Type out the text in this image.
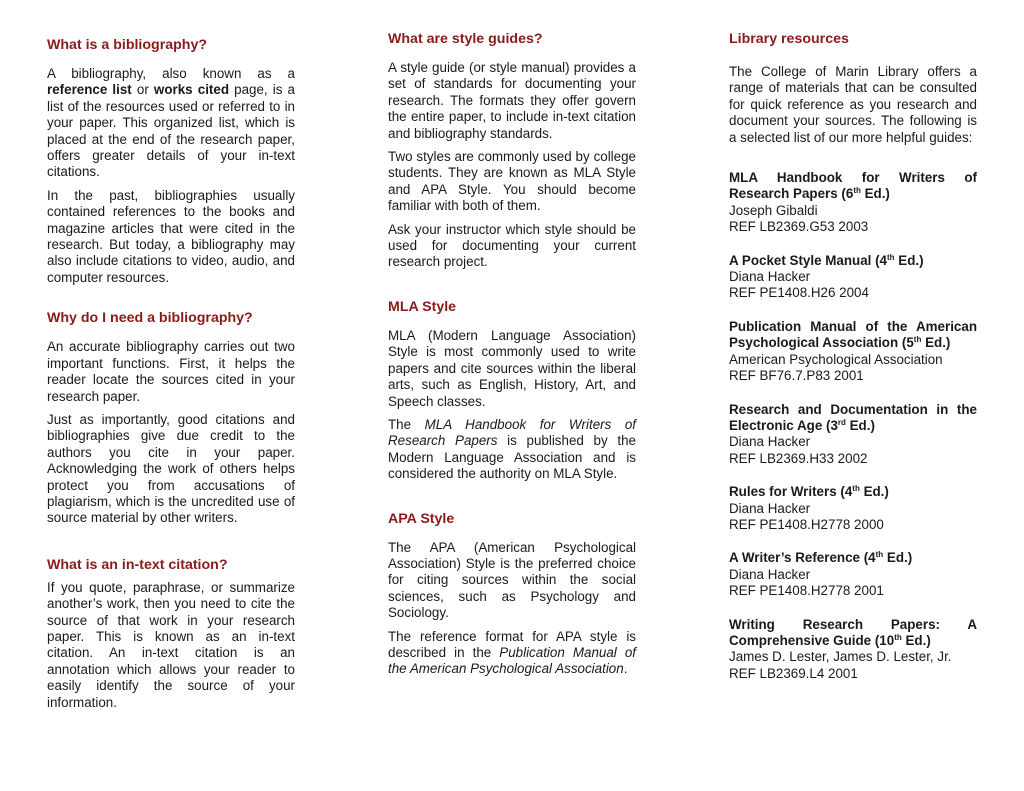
What is a bibliography?

A bibliography, also known as a reference list or works cited page, is a list of the resources used or referred to in your paper. This organized list, which is placed at the end of the research paper, offers greater details of your in-text citations.

In the past, bibliographies usually contained references to the books and magazine articles that were cited in the research. But today, a bibliography may also include citations to video, audio, and computer resources.

Why do I need a bibliography?

An accurate bibliography carries out two important functions. First, it helps the reader locate the sources cited in your research paper.

Just as importantly, good citations and bibliographies give due credit to the authors you cite in your paper. Acknowledging the work of others helps protect you from accusations of plagiarism, which is the uncredited use of source material by other writers.

What is an in-text citation?

If you quote, paraphrase, or summarize another’s work, then you need to cite the source of that work in your research paper. This is known as an in-text citation. An in-text citation is an annotation which allows your reader to easily identify the source of your information.

What are style guides?

A style guide (or style manual) provides a set of standards for documenting your research. The formats they offer govern the entire paper, to include in-text citation and bibliography standards.

Two styles are commonly used by college students. They are known as MLA Style and APA Style. You should become familiar with both of them.

Ask your instructor which style should be used for documenting your current research project.

MLA Style

MLA (Modern Language Association) Style is most commonly used to write papers and cite sources within the liberal arts, such as English, History, Art, and Speech classes.

The MLA Handbook for Writers of Research Papers is published by the Modern Language Association and is considered the authority on MLA Style.

APA Style

The APA (American Psychological Association) Style is the preferred choice for citing sources within the social sciences, such as Psychology and Sociology.

The reference format for APA style is described in the Publication Manual of the American Psychological Association.

Library resources

The College of Marin Library offers a range of materials that can be consulted for quick reference as you research and document your sources. The following is a selected list of our more helpful guides:

MLA Handbook for Writers of Research Papers (6th Ed.)
Joseph Gibaldi
REF LB2369.G53 2003
A Pocket Style Manual (4th Ed.)
Diana Hacker
REF PE1408.H26 2004
Publication Manual of the American Psychological Association (5th Ed.)
American Psychological Association
REF BF76.7.P83 2001
Research and Documentation in the Electronic Age (3rd Ed.)
Diana Hacker
REF LB2369.H33 2002
Rules for Writers (4th Ed.)
Diana Hacker
REF PE1408.H2778 2000
A Writer’s Reference (4th Ed.)
Diana Hacker
REF PE1408.H2778 2001
Writing Research Papers: A Comprehensive Guide (10th Ed.)
James D. Lester, James D. Lester, Jr.
REF LB2369.L4 2001
